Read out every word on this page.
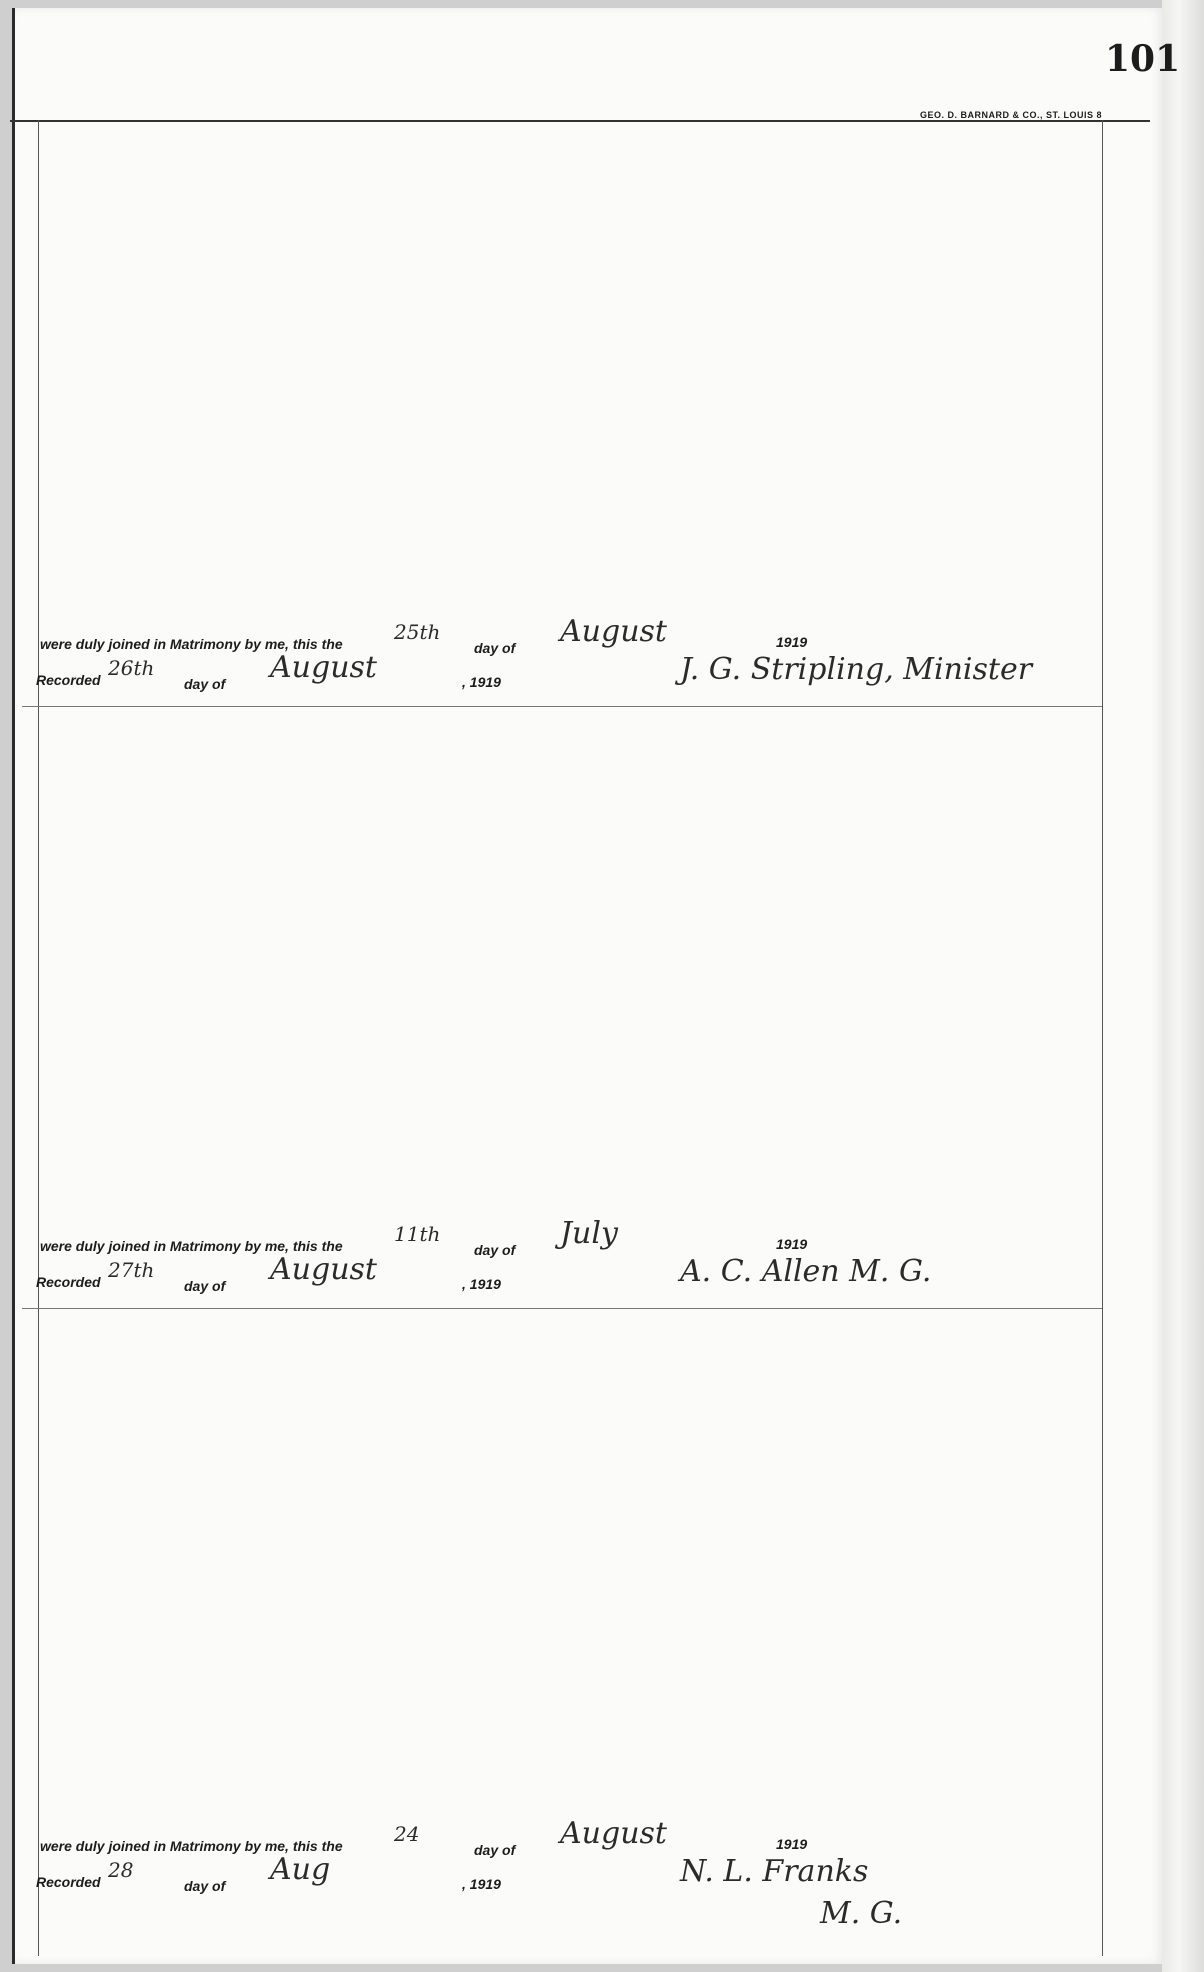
101
GEO. D. BARNARD & CO., ST. LOUIS 8
were duly joined in Matrimony by me, this the	25th
day of August	1919
Recorded 26th
day of August	, 1919	J. G. Stripling, Minister
were duly joined in Matrimony by me, this the	11th
day of July	1919
Recorded 27th
day of August	, 1919	A. C. Allen M. G.
were duly joined in Matrimony by me, this the	24
day of August	1919
Recorded 28
day of Aug	, 1919	N. L. Franks
M. G.
